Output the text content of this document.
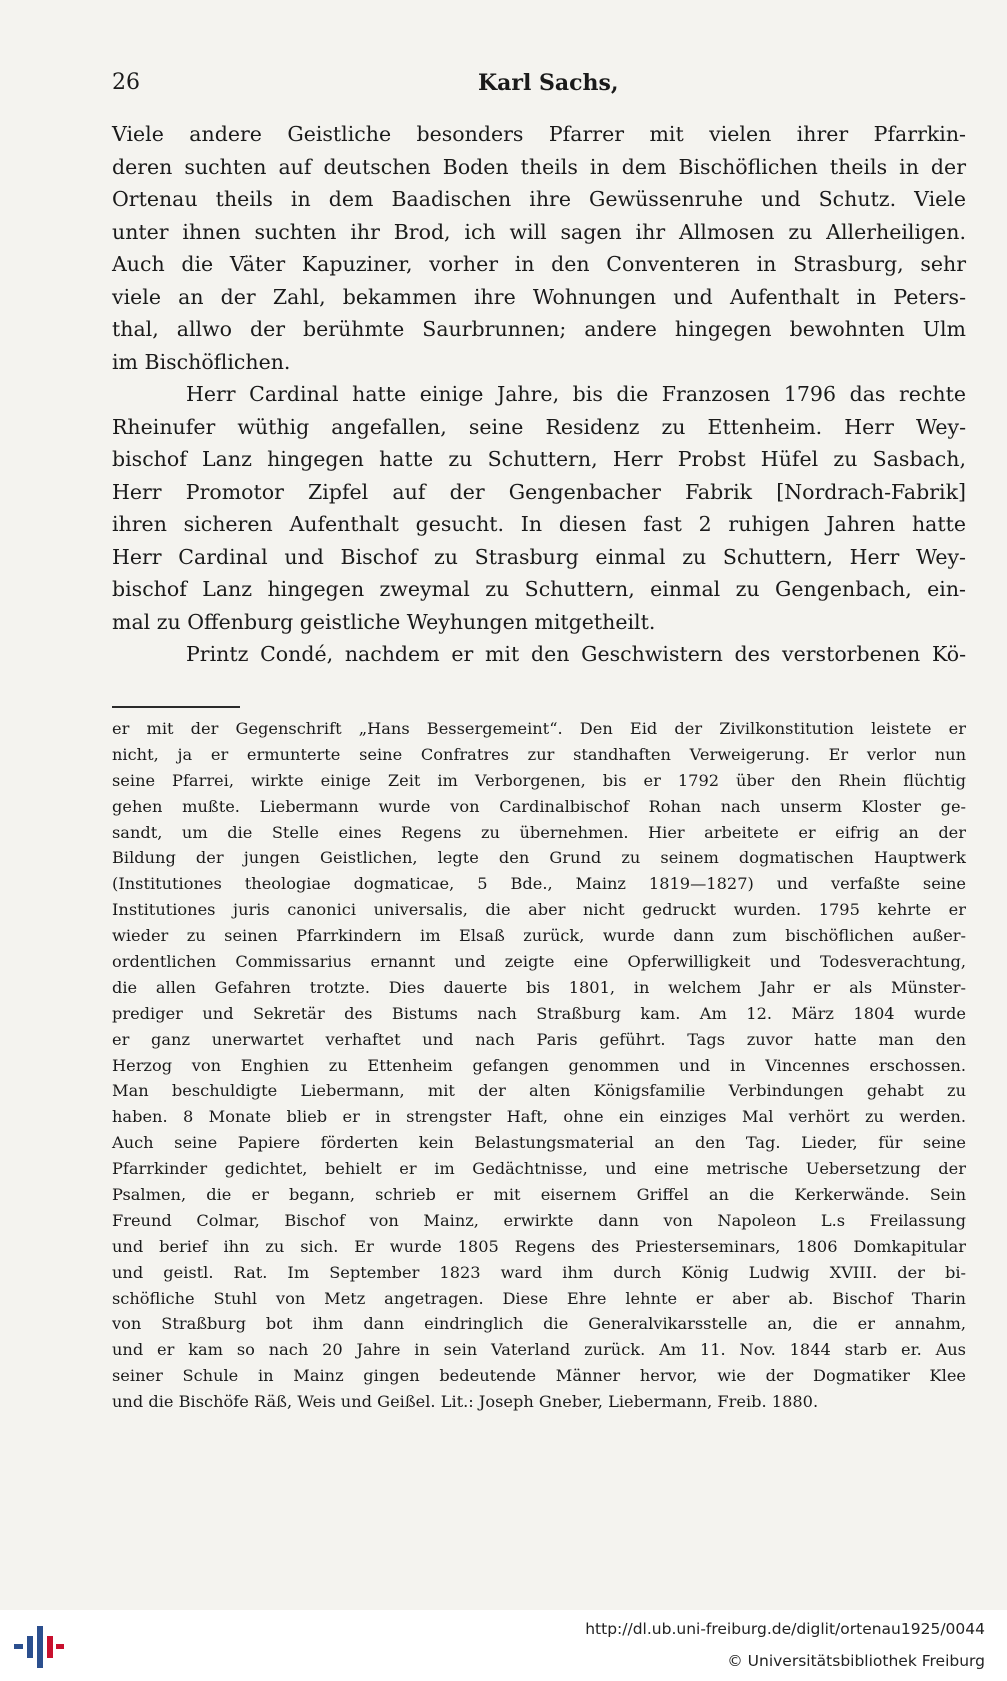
26	Karl Sachs,
Viele andere Geistliche besonders Pfarrer mit vielen ihrer Pfarrkin-
deren suchten auf deutschen Boden theils in dem Bischöflichen theils in der
Ortenau theils in dem Baadischen ihre Gewüssenruhe und Schutz. Viele
unter ihnen suchten ihr Brod, ich will sagen ihr Allmosen zu Allerheiligen.
Auch die Väter Kapuziner, vorher in den Conventeren in Strasburg, sehr
viele an der Zahl, bekammen ihre Wohnungen und Aufenthalt in Peters-
thal, allwo der berühmte Saurbrunnen; andere hingegen bewohnten Ulm
im Bischöflichen.
Herr Cardinal hatte einige Jahre, bis die Franzosen 1796 das rechte
Rheinufer wüthig angefallen, seine Residenz zu Ettenheim. Herr Wey-
bischof Lanz hingegen hatte zu Schuttern, Herr Probst Hüfel zu Sasbach,
Herr Promotor Zipfel auf der Gengenbacher Fabrik [Nordrach-Fabrik]
ihren sicheren Aufenthalt gesucht. In diesen fast 2 ruhigen Jahren hatte
Herr Cardinal und Bischof zu Strasburg einmal zu Schuttern, Herr Wey-
bischof Lanz hingegen zweymal zu Schuttern, einmal zu Gengenbach, ein-
mal zu Offenburg geistliche Weyhungen mitgetheilt.
Printz Condé, nachdem er mit den Geschwistern des verstorbenen Kö-
er mit der Gegenschrift „Hans Bessergemeint“. Den Eid der Zivilkonstitution leistete er
nicht, ja er ermunterte seine Confratres zur standhaften Verweigerung. Er verlor nun
seine Pfarrei, wirkte einige Zeit im Verborgenen, bis er 1792 über den Rhein flüchtig
gehen mußte. Liebermann wurde von Cardinalbischof Rohan nach unserm Kloster ge-
sandt, um die Stelle eines Regens zu übernehmen. Hier arbeitete er eifrig an der
Bildung der jungen Geistlichen, legte den Grund zu seinem dogmatischen Hauptwerk
(Institutiones theologiae dogmaticae, 5 Bde., Mainz 1819—1827) und verfaßte seine
Institutiones juris canonici universalis, die aber nicht gedruckt wurden. 1795 kehrte er
wieder zu seinen Pfarrkindern im Elsaß zurück, wurde dann zum bischöflichen außer-
ordentlichen Commissarius ernannt und zeigte eine Opferwilligkeit und Todesverachtung,
die allen Gefahren trotzte. Dies dauerte bis 1801, in welchem Jahr er als Münster-
prediger und Sekretär des Bistums nach Straßburg kam. Am 12. März 1804 wurde
er ganz unerwartet verhaftet und nach Paris geführt. Tags zuvor hatte man den
Herzog von Enghien zu Ettenheim gefangen genommen und in Vincennes erschossen.
Man beschuldigte Liebermann, mit der alten Königsfamilie Verbindungen gehabt zu
haben. 8 Monate blieb er in strengster Haft, ohne ein einziges Mal verhört zu werden.
Auch seine Papiere förderten kein Belastungsmaterial an den Tag. Lieder, für seine
Pfarrkinder gedichtet, behielt er im Gedächtnisse, und eine metrische Uebersetzung der
Psalmen, die er begann, schrieb er mit eisernem Griffel an die Kerkerwände. Sein
Freund Colmar, Bischof von Mainz, erwirkte dann von Napoleon L.s Freilassung
und berief ihn zu sich. Er wurde 1805 Regens des Priesterseminars, 1806 Domkapitular
und geistl. Rat. Im September 1823 ward ihm durch König Ludwig XVIII. der bi-
schöfliche Stuhl von Metz angetragen. Diese Ehre lehnte er aber ab. Bischof Tharin
von Straßburg bot ihm dann eindringlich die Generalvikarsstelle an, die er annahm,
und er kam so nach 20 Jahre in sein Vaterland zurück. Am 11. Nov. 1844 starb er. Aus
seiner Schule in Mainz gingen bedeutende Männer hervor, wie der Dogmatiker Klee
und die Bischöfe Räß, Weis und Geißel. Lit.: Joseph Gneber, Liebermann, Freib. 1880.
http://dl.ub.uni-freiburg.de/diglit/ortenau1925/0044
© Universitätsbibliothek Freiburg
